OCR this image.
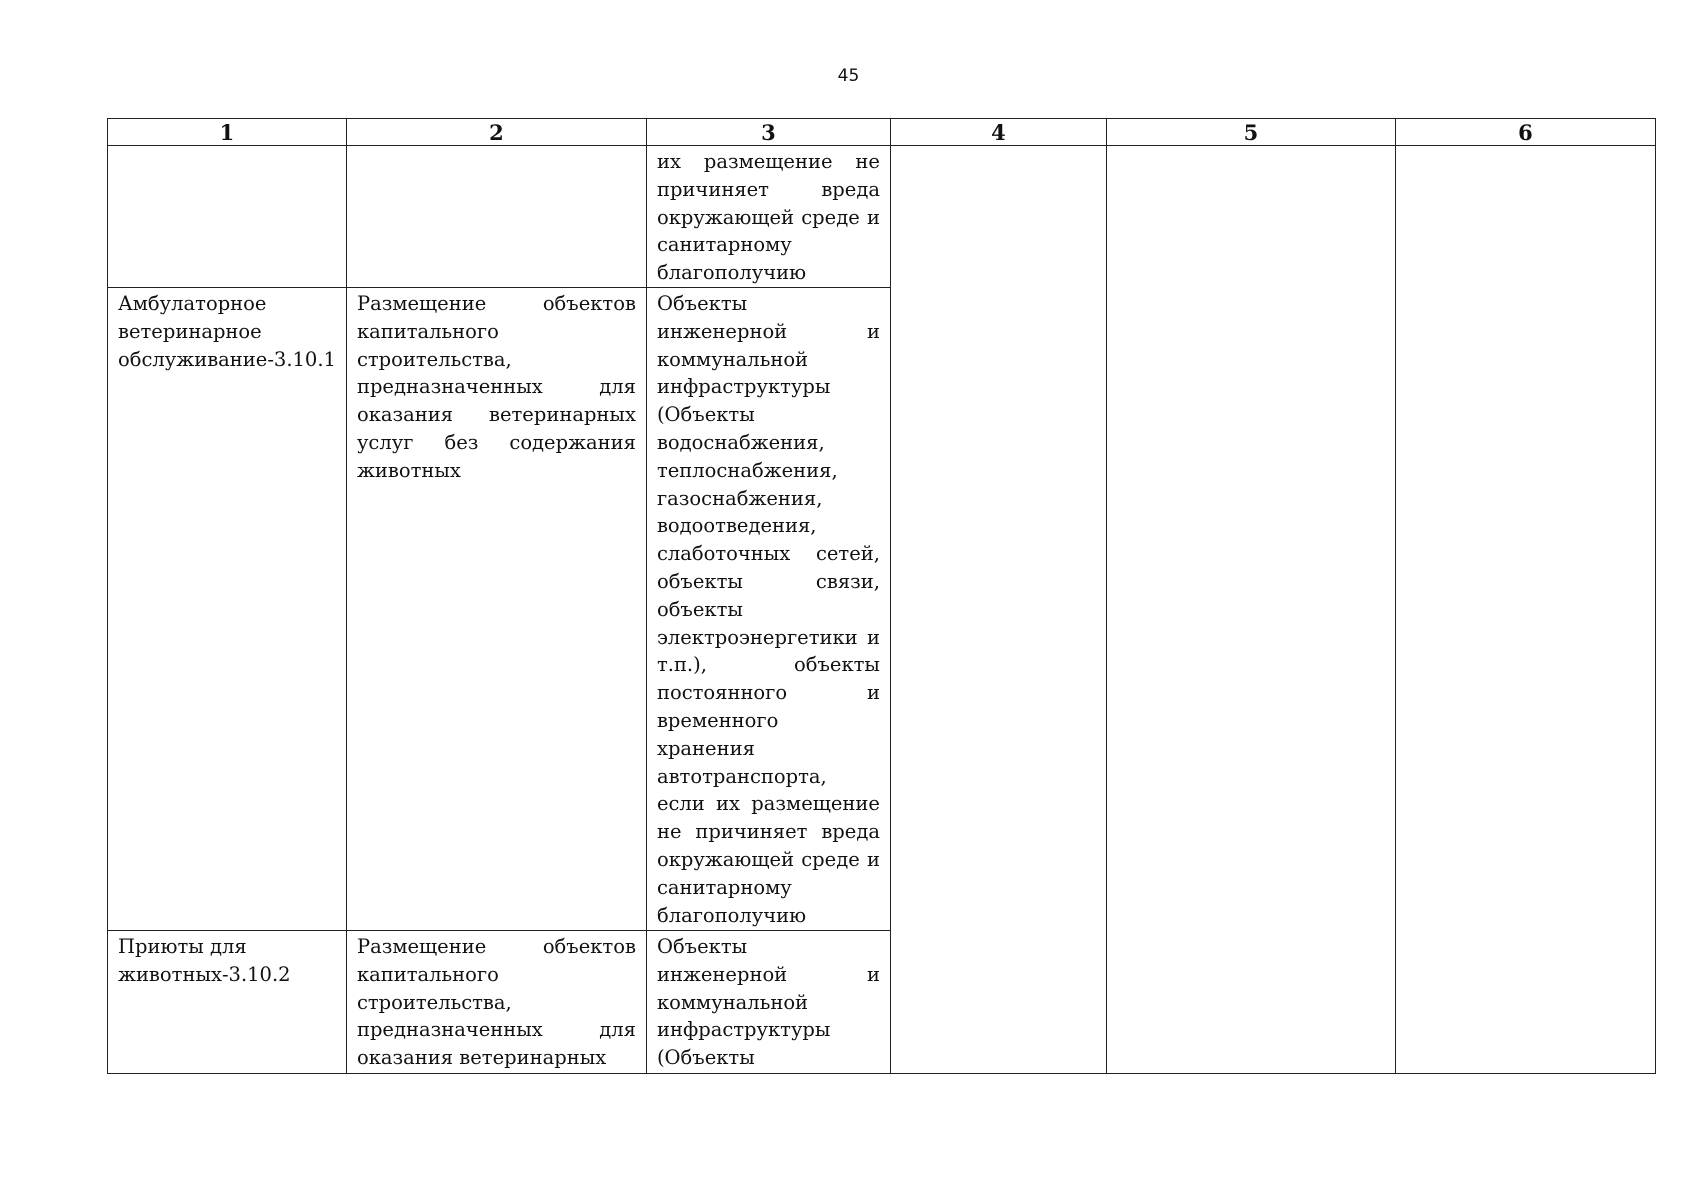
45
1	2	3	4	5	6

		их размещение не причиняет вреда окружающей среде и санитарному благополучию			

Амбулаторное ветеринарное обслуживание-3.10.1	Размещение объектов капитального строительства, предназначенных для оказания ветеринарных услуг без содержания животных	Объекты инженерной и коммунальной инфраструктуры (Объекты водоснабжения, теплоснабжения, газоснабжения, водоотведения, слаботочных сетей, объекты связи, объекты электроэнергетики и т.п.), объекты постоянного и временного хранения автотранспорта, если их размещение не причиняет вреда окружающей среде и санитарному благополучию			

Приюты для животных-3.10.2	Размещение объектов капитального строительства, предназначенных для оказания ветеринарных	Объекты инженерной и коммунальной инфраструктуры (Объекты			
